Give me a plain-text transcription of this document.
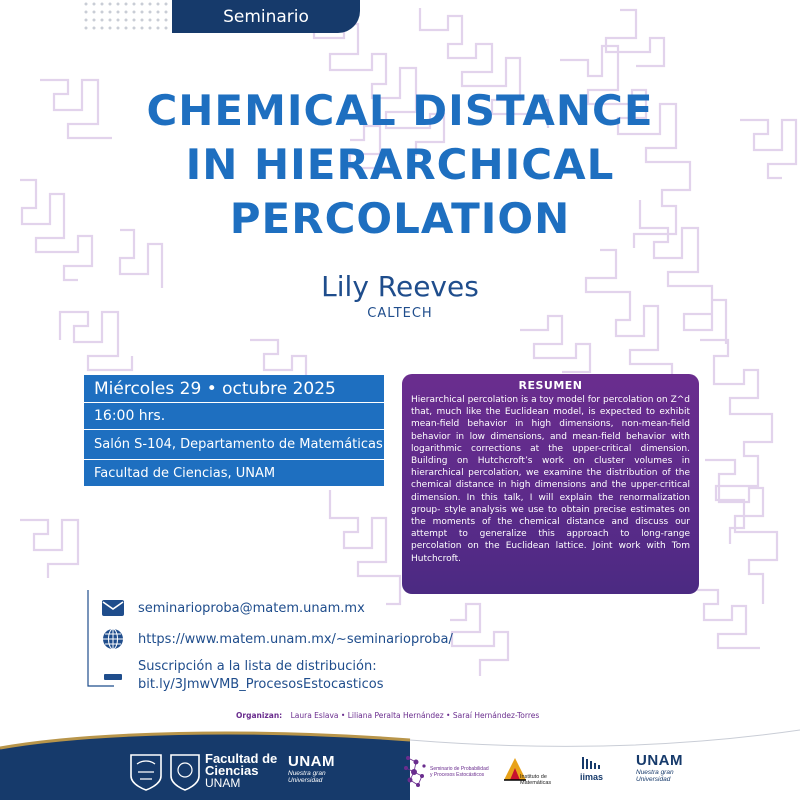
Seminario
CHEMICAL DISTANCE
IN HIERARCHICAL
PERCOLATION
Lily Reeves
CALTECH
Miércoles 29 • octubre 2025
16:00 hrs.
Salón S-104, Departamento de Matemáticas
Facultad de Ciencias, UNAM
RESUMEN
Hierarchical percolation is a toy model for percolation on Z^d that, much like the Euclidean model, is expected to exhibit mean-field behavior in high dimensions, non-mean-field behavior in low dimensions, and mean-field behavior with logarithmic corrections at the upper-critical dimension. Building on Hutchcroft’s work on cluster volumes in hierarchical percolation, we examine the distribution of the chemical distance in high dimensions and the upper-critical dimension. In this talk, I will explain the renormalization group- style analysis we use to obtain precise estimates on the moments of the chemical distance and discuss our attempt to generalize this approach to long-range percolation on the Euclidean lattice. Joint work with Tom Hutchcroft.
seminarioproba@matem.unam.mx
https://www.matem.unam.mx/~seminarioproba/
Suscripción a la lista de distribución:
bit.ly/3JmwVMB_ProcesosEstocasticos
Organizan: Laura Eslava • Liliana Peralta Hernández • Saraí Hernández-Torres
Facultad de
Ciencias
UNAM
UNAM
Nuestra gran Universidad
Seminario de Probabilidad
y Procesos Estocásticos	Instituto de
Matemáticas
iimas
UNAM
Nuestra gran Universidad
